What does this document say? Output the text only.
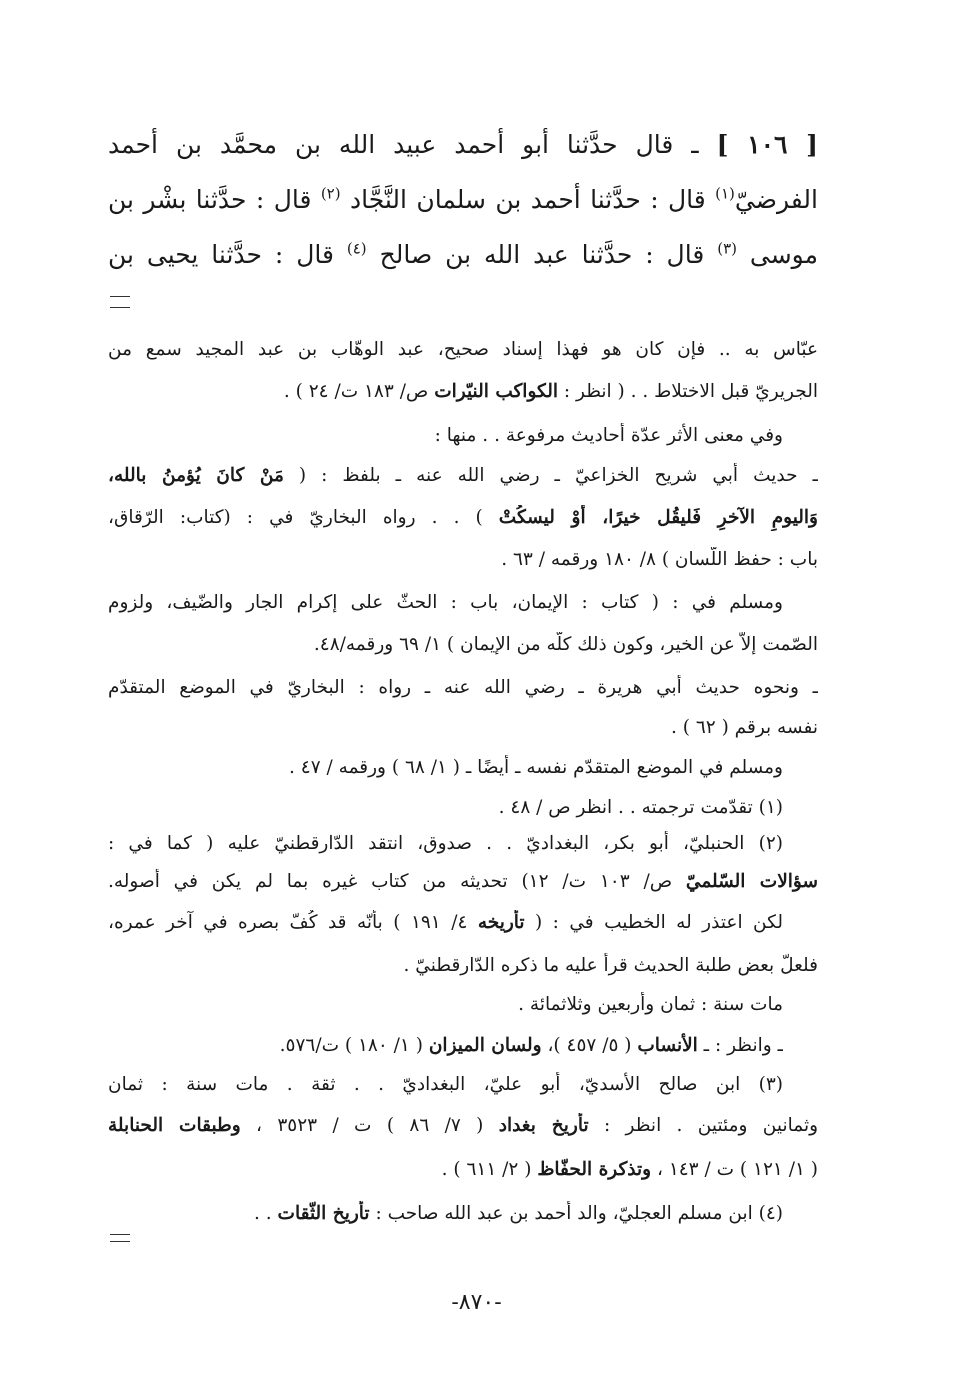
[ ١٠٦ ] ـ قال حدَّثنا أَبو أَحمد عبيد الله بن محمَّد بن أَحمد
الفرضيّ$^{(١)}$ قال : حدَّثنا أَحمد بن سلمان النَّجَّاد $^{(٢)}$ قال : حدَّثنا بشْر بن
موسى $^{(٣)}$ قال : حدَّثنا عبد الله بن صالح $^{(٤)}$ قال : حدَّثنا يحيى بن
عبّاس به .. فإن كان هو فهذا إسناد صحيح، عبد الوهّاب بن عبد المجيد سمع من
الجريريّ قبل الاختلاط . . ( انظر : الكواكب النيّرات ص/ ١٨٣ ت/ ٢٤ ) .
وفي معنى الأثر عدّة أحاديث مرفوعة . . منها :
ـ حديث أبي شريح الخزاعيّ ـ رضي الله عنه ـ بلفظ : ( مَنْ كانَ يُؤمنُ بالله،
وَاليومِ الآخرِ فَليقُل خيرًا، أوْ ليسكُتْ ) . . رواه البخاريّ في : (كتاب: الرّقاق،
باب : حفظ اللّسان ) ٨/ ١٨٠ ورقمه / ٦٣ .
ومسلم في : ( كتاب : الإيمان، باب : الحثّ على إكرام الجار والضّيف، ولزوم
الصّمت إلاّ عن الخير، وكون ذلك كلّه من الإيمان ) ١/ ٦٩ ورقمه/٤٨.
ـ ونحوه حديث أبي هريرة ـ رضي الله عنه ـ رواه : البخاريّ في الموضع المتقدّم
نفسه برقم ( ٦٢ ) .
ومسلم في الموضع المتقدّم نفسه ـ أيضًا ـ ( ١/ ٦٨ ) ورقمه / ٤٧ .
(١) تقدّمت ترجمته . . انظر ص / ٤٨ .
(٢) الحنبليّ، أبو بكر، البغداديّ . . صدوق، انتقد الدّارقطنيّ عليه ( كما في :
سؤالات السّلميّ ص/ ١٠٣ ت/ ١٢) تحديثه من كتاب غيره بما لم يكن في أصوله.
لكن اعتذر له الخطيب في : ( تأريخه ٤/ ١٩١ ) بأنّه قد كُفّ بصره في آخر عمره،
فلعلّ بعض طلبة الحديث قرأ عليه ما ذكره الدّارقطنيّ .
مات سنة : ثمان وأربعين وثلاثمائة .
ـ وانظر : ـ الأنساب ( ٥/ ٤٥٧ )، ولسان الميزان ( ١/ ١٨٠ ) ت/٥٧٦.
(٣) ابن صالح الأسديّ، أبو عليّ، البغداديّ . . ثقة . مات سنة : ثمان
وثمانين ومئتين . انظر : تأريخ بغداد ( ٧/ ٨٦ ) ت / ٣٥٢٣ ، وطبقات الحنابلة
( ١/ ١٢١ ) ت / ١٤٣ ، وتذكرة الحفّاظ ( ٢/ ٦١١ ) .
(٤) ابن مسلم العجليّ، والد أحمد بن عبد الله صاحب : تأريخ الثّقات . .
-٨٧٠-
